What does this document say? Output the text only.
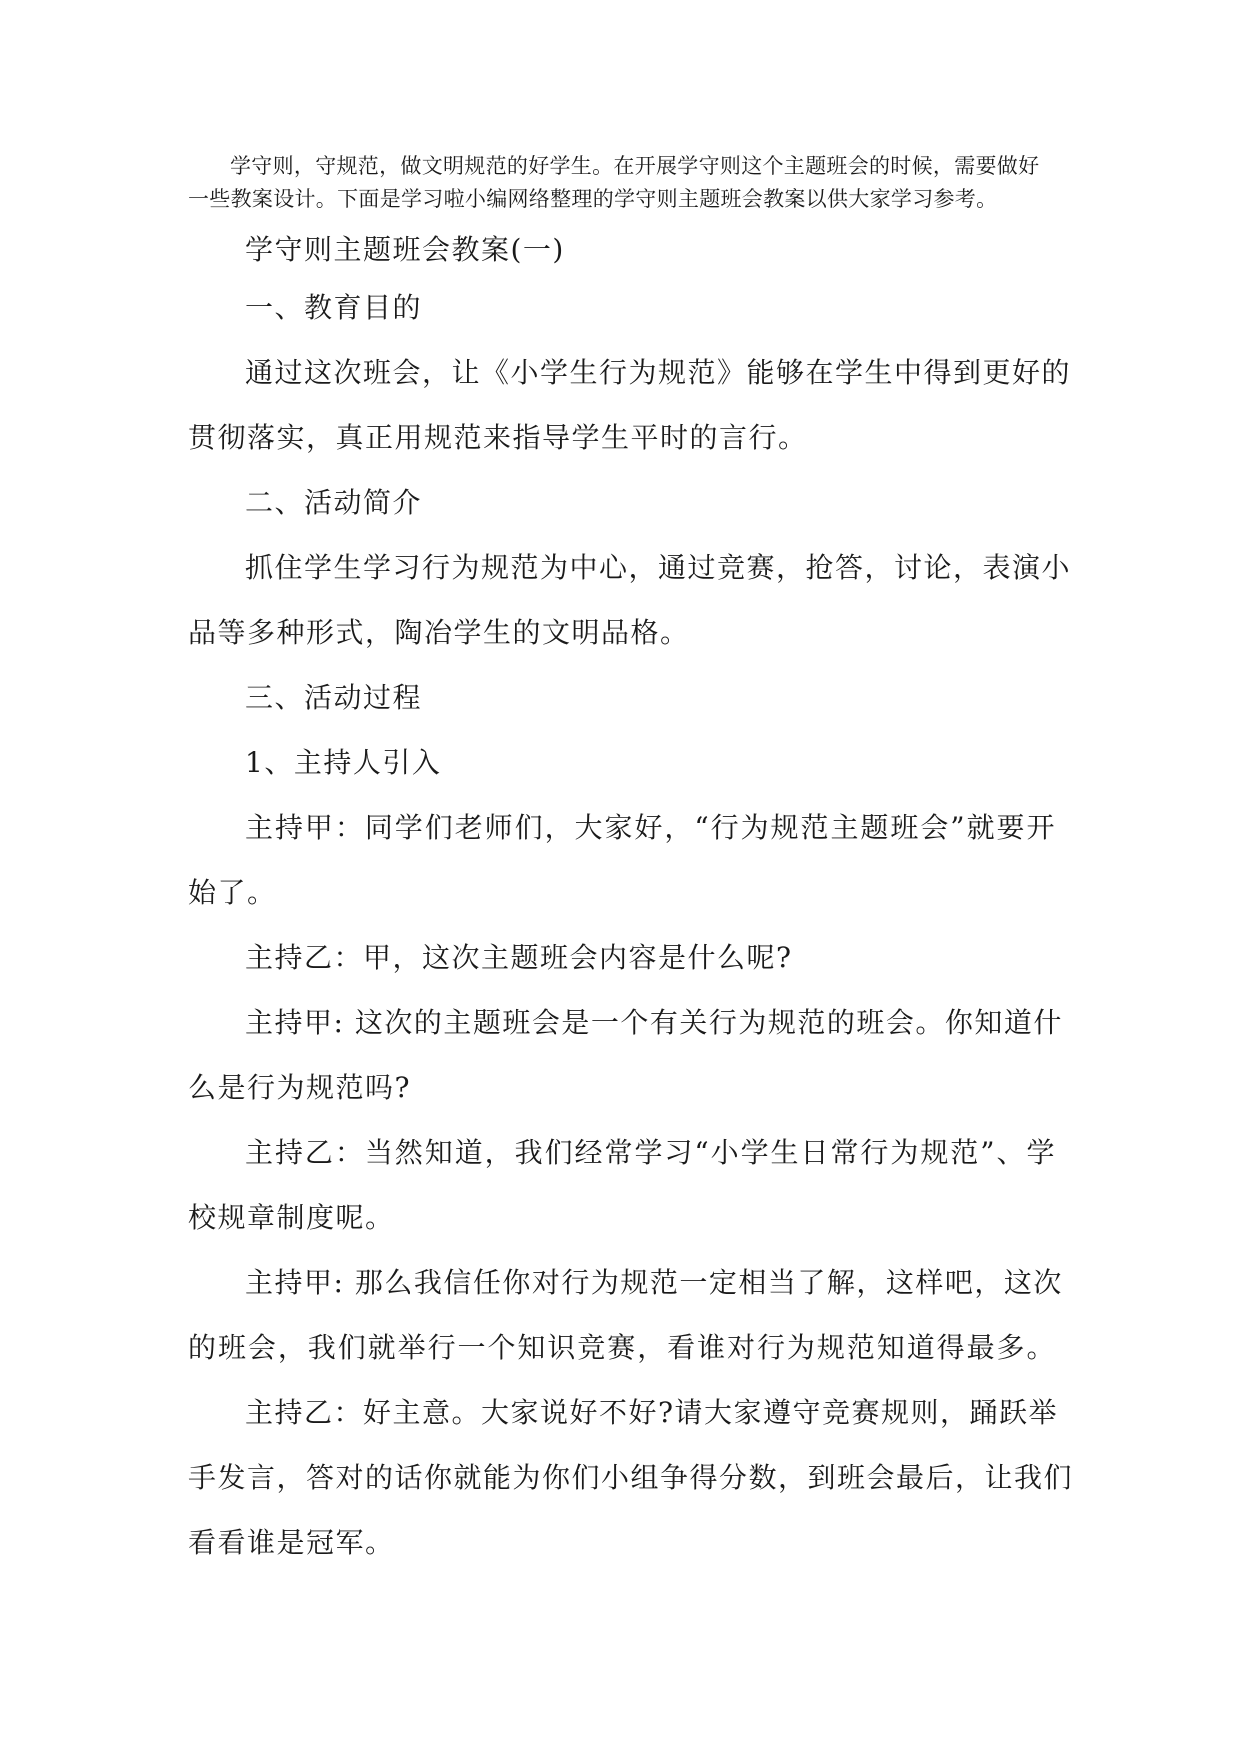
学守则，守规范，做文明规范的好学生。在开展学守则这个主题班会的时候，需要做好一些教案设计。下面是学习啦小编网络整理的学守则主题班会教案以供大家学习参考。

学守则主题班会教案(一)

一、教育目的

通过这次班会，让《小学生行为规范》能够在学生中得到更好的

贯彻落实，真正用规范来指导学生平时的言行。

二、活动简介

抓住学生学习行为规范为中心，通过竞赛，抢答，讨论，表演小

品等多种形式，陶冶学生的文明品格。

三、活动过程

1、主持人引入

主持甲：同学们老师们，大家好，“行为规范主题班会”就要开

始了。

主持乙：甲，这次主题班会内容是什么呢?

主持甲: 这次的主题班会是一个有关行为规范的班会。你知道什

么是行为规范吗?

主持乙：当然知道，我们经常学习“小学生日常行为规范”、学

校规章制度呢。

主持甲: 那么我信任你对行为规范一定相当了解，这样吧，这次

的班会，我们就举行一个知识竞赛，看谁对行为规范知道得最多。

主持乙：好主意。大家说好不好?请大家遵守竞赛规则，踊跃举

手发言，答对的话你就能为你们小组争得分数，到班会最后，让我们

看看谁是冠军。
